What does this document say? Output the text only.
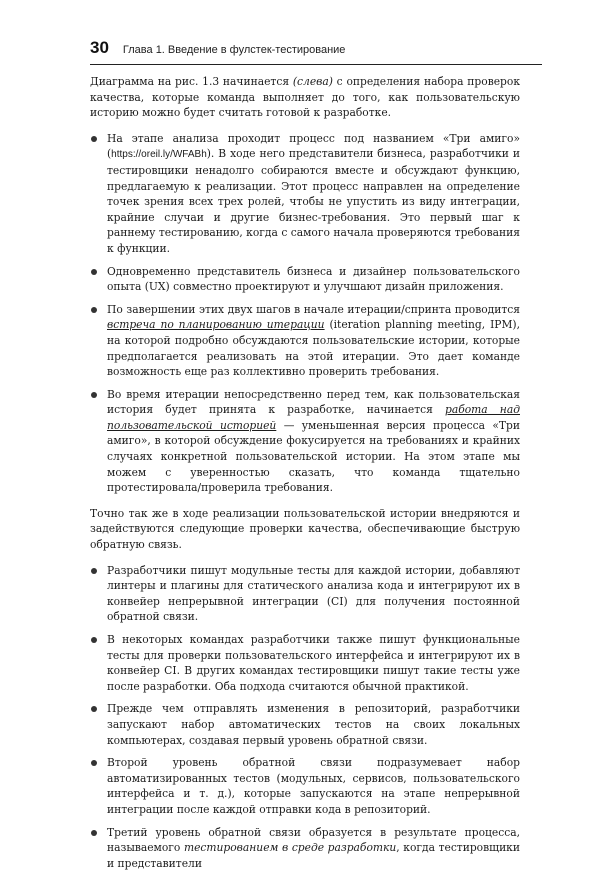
30 Глава 1. Введение в фулстек-тестирование

Диаграмма на рис. 1.3 начинается (слева) с определения набора проверок качества, которые команда выполняет до того, как пользовательскую историю можно будет считать готовой к разработке.

На этапе анализа проходит процесс под названием «Три амиго» (https://oreil.ly/WFABh). В ходе него представители бизнеса, разработчики и тестировщики ненадолго собираются вместе и обсуждают функцию, предлагаемую к реализации. Этот процесс направлен на определение точек зрения всех трех ролей, чтобы не упустить из виду интеграции, крайние случаи и другие бизнес-требования. Это первый шаг к раннему тестированию, когда с самого начала проверяются требования к функции.
Одновременно представитель бизнеса и дизайнер пользовательского опыта (UX) совместно проектируют и улучшают дизайн приложения.
По завершении этих двух шагов в начале итерации/спринта проводится встреча по планированию итерации (iteration planning meeting, IPM), на которой подробно обсуждаются пользовательские истории, которые предполагается реализовать на этой итерации. Это дает команде возможность еще раз коллективно проверить требования.
Во время итерации непосредственно перед тем, как пользовательская история будет принята к разработке, начинается работа над пользовательской историей — уменьшенная версия процесса «Три амиго», в которой обсуждение фокусируется на требованиях и крайних случаях конкретной пользовательской истории. На этом этапе мы можем с уверенностью сказать, что команда тщательно протестировала/проверила требования.

Точно так же в ходе реализации пользовательской истории внедряются и задействуются следующие проверки качества, обеспечивающие быструю обратную связь.

Разработчики пишут модульные тесты для каждой истории, добавляют линтеры и плагины для статического анализа кода и интегрируют их в конвейер непрерывной интеграции (CI) для получения постоянной обратной связи.
В некоторых командах разработчики также пишут функциональные тесты для проверки пользовательского интерфейса и интегрируют их в конвейер CI. В других командах тестировщики пишут такие тесты уже после разработки. Оба подхода считаются обычной практикой.
Прежде чем отправлять изменения в репозиторий, разработчики запускают набор автоматических тестов на своих локальных компьютерах, создавая первый уровень обратной связи.
Второй уровень обратной связи подразумевает набор автоматизированных тестов (модульных, сервисов, пользовательского интерфейса и т. д.), которые запускаются на этапе непрерывной интеграции после каждой отправки кода в репозиторий.
Третий уровень обратной связи образуется в результате процесса, называемого тестированием в среде разработки, когда тестировщики и представители
